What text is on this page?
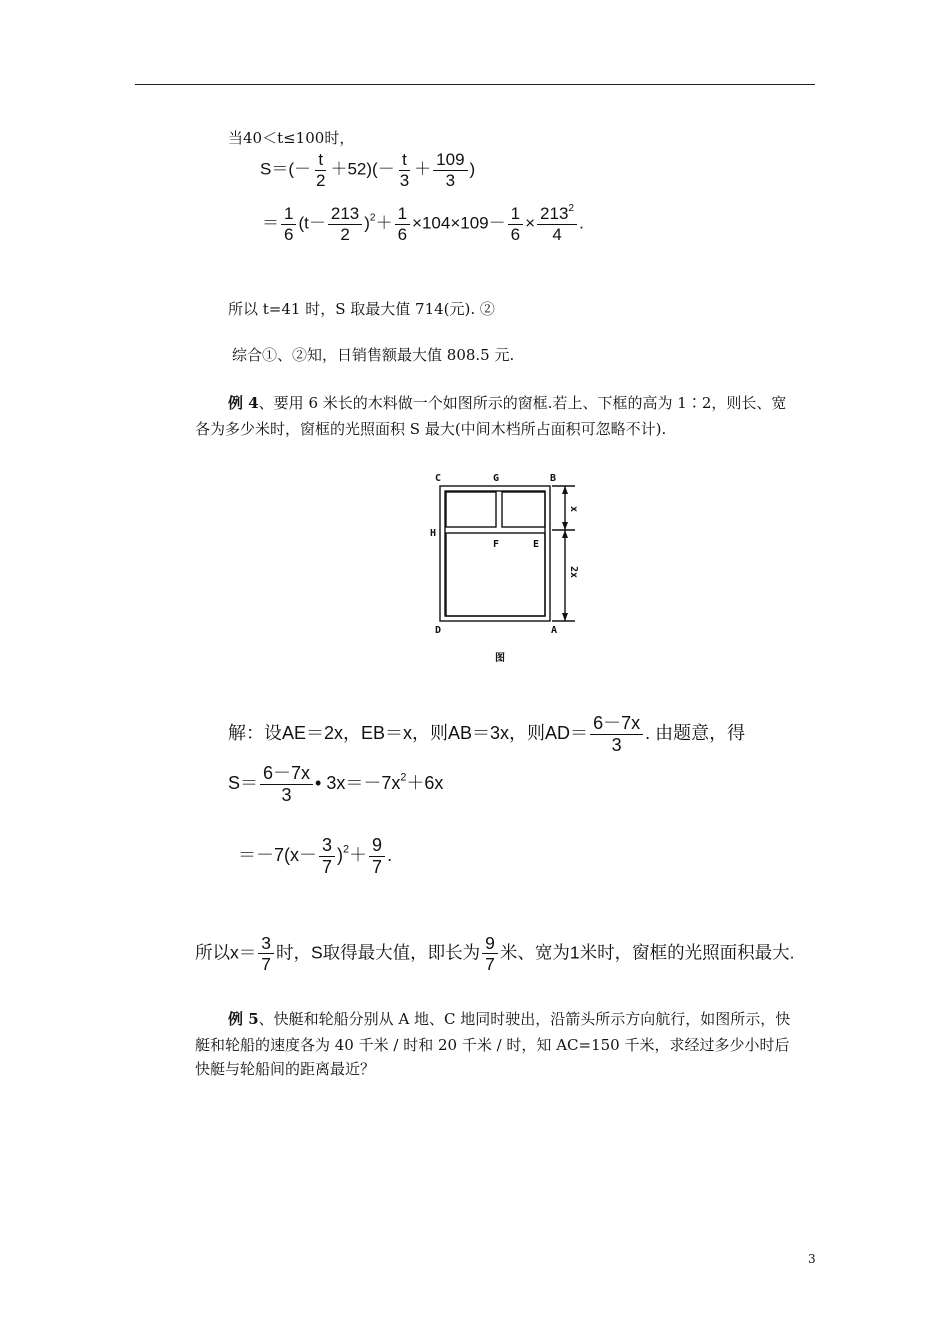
当40＜t≤100时，
$S=(- \frac{t}{2} +52)(- \frac{t}{3} + \frac{109}{3}$ )
＝ $\frac{1}{6} (t- \frac{213}{2} )^2+ \frac{1}{6} \times 104\times 109- \frac{1}{6} \times \frac{213^2}{4}$ .
所以 t=41 时，S 取最大值 714(元). ②
综合①、②知，日销售额最大值 808.5 元.
例 4、要用 6 米长的木料做一个如图所示的窗框.若上、下框的高为 1∶2，则长、宽
各为多少米时，窗框的光照面积 S 最大(中间木档所占面积可忽略不计).
C	G	B
H
F	E
D	A
x
2x
图
解：设AE＝2x，EB＝x，则AB＝3x，则$AD= \frac{6-7x}{3}$ . 由题意，得
$S= \frac{6-7x}{3}$ • $3x=-7x^2+6x$
$=-7(x- \frac{3}{7} )^2+ \frac{9}{7}$ .
所以$x= \frac{3}{7}$ 时，S取得最大值，即长为 $\frac{9}{7}$ 米、宽为1米时，窗框的光照面积最大.
例 5、快艇和轮船分别从 A 地、C 地同时驶出，沿箭头所示方向航行，如图所示，快
艇和轮船的速度各为 40 千米 / 时和 20 千米 / 时，知 AC=150 千米，求经过多少小时后
快艇与轮船间的距离最近？
3
